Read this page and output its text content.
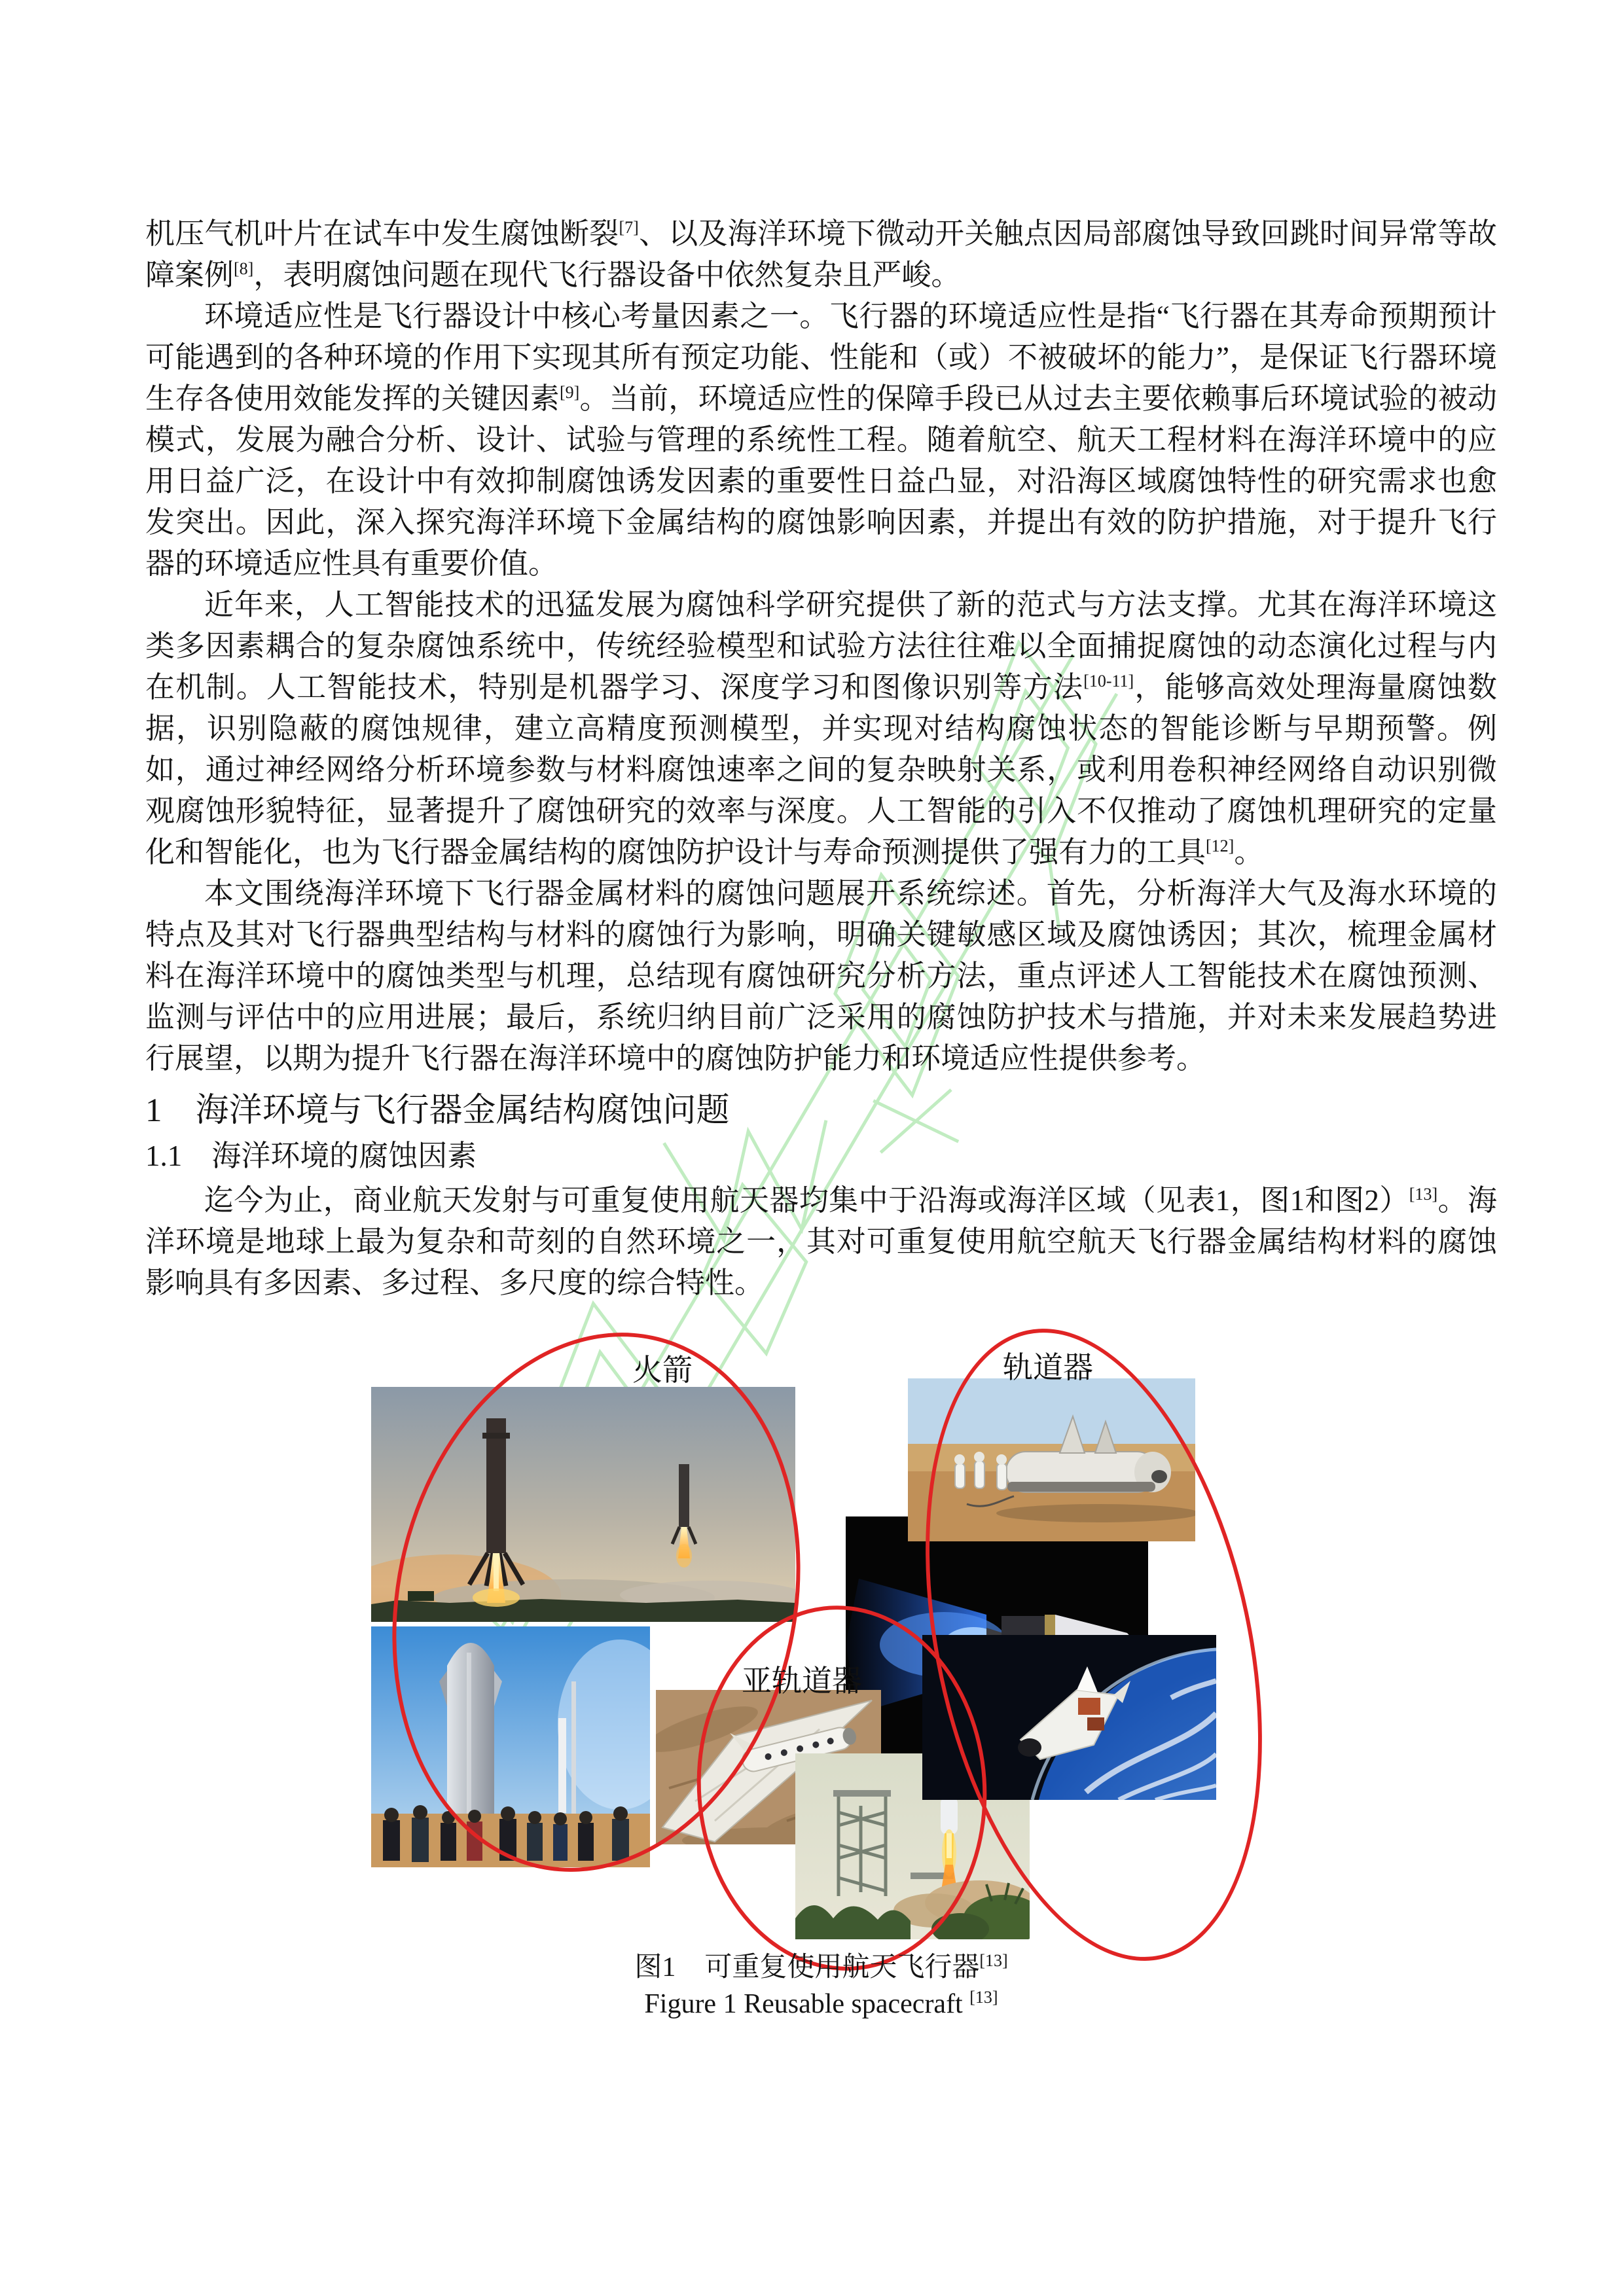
机压气机叶片在试车中发生腐蚀断裂[7]、以及海洋环境下微动开关触点因局部腐蚀导致回跳时间异常等故障案例[8]，表明腐蚀问题在现代飞行器设备中依然复杂且严峻。

环境适应性是飞行器设计中核心考量因素之一。飞行器的环境适应性是指“飞行器在其寿命预期预计可能遇到的各种环境的作用下实现其所有预定功能、性能和（或）不被破坏的能力”，是保证飞行器环境生存各使用效能发挥的关键因素[9]。当前，环境适应性的保障手段已从过去主要依赖事后环境试验的被动模式，发展为融合分析、设计、试验与管理的系统性工程。随着航空、航天工程材料在海洋环境中的应用日益广泛，在设计中有效抑制腐蚀诱发因素的重要性日益凸显，对沿海区域腐蚀特性的研究需求也愈发突出。因此，深入探究海洋环境下金属结构的腐蚀影响因素，并提出有效的防护措施，对于提升飞行器的环境适应性具有重要价值。

近年来，人工智能技术的迅猛发展为腐蚀科学研究提供了新的范式与方法支撑。尤其在海洋环境这类多因素耦合的复杂腐蚀系统中，传统经验模型和试验方法往往难以全面捕捉腐蚀的动态演化过程与内在机制。人工智能技术，特别是机器学习、深度学习和图像识别等方法[10-11]，能够高效处理海量腐蚀数据，识别隐蔽的腐蚀规律，建立高精度预测模型，并实现对结构腐蚀状态的智能诊断与早期预警。例如，通过神经网络分析环境参数与材料腐蚀速率之间的复杂映射关系，或利用卷积神经网络自动识别微观腐蚀形貌特征，显著提升了腐蚀研究的效率与深度。人工智能的引入不仅推动了腐蚀机理研究的定量化和智能化，也为飞行器金属结构的腐蚀防护设计与寿命预测提供了强有力的工具[12]。

本文围绕海洋环境下飞行器金属材料的腐蚀问题展开系统综述。首先，分析海洋大气及海水环境的特点及其对飞行器典型结构与材料的腐蚀行为影响，明确关键敏感区域及腐蚀诱因；其次，梳理金属材料在海洋环境中的腐蚀类型与机理，总结现有腐蚀研究分析方法，重点评述人工智能技术在腐蚀预测、监测与评估中的应用进展；最后，系统归纳目前广泛采用的腐蚀防护技术与措施，并对未来发展趋势进行展望，以期为提升飞行器在海洋环境中的腐蚀防护能力和环境适应性提供参考。

1　海洋环境与飞行器金属结构腐蚀问题
1.1　海洋环境的腐蚀因素

迄今为止，商业航天发射与可重复使用航天器均集中于沿海或海洋区域（见表1，图1和图2）[13]。海洋环境是地球上最为复杂和苛刻的自然环境之一，其对可重复使用航空航天飞行器金属结构材料的腐蚀影响具有多因素、多过程、多尺度的综合特性。

火箭	轨道器
亚轨道器
图1 可重复使用航天飞行器[13]
Figure 1 Reusable spacecraft [13]
